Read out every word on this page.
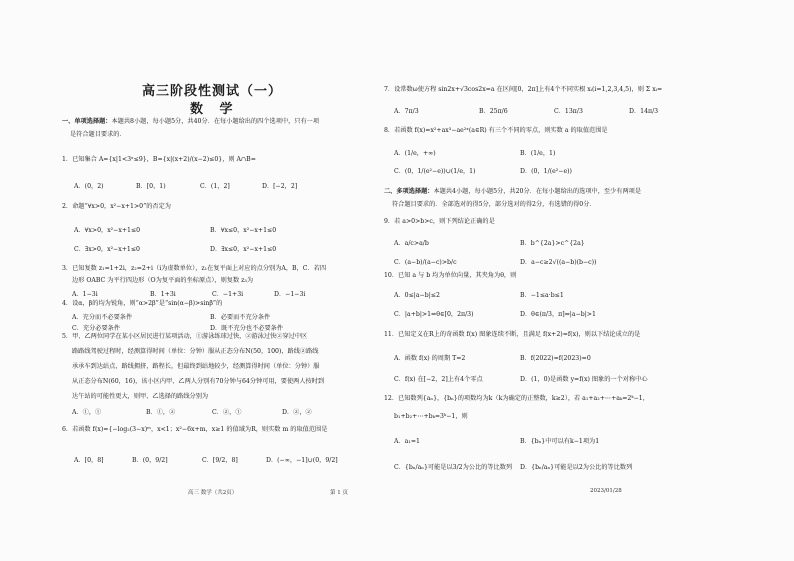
高三阶段性测试（一）
数 学
一、单项选择题：本题共8小题，每小题5分，共40分．在每小题给出的四个选项中，只有一项
是符合题目要求的．
1．已知集合 A={x|1<3ˣ≤9}，B={x|(x+2)/(x−2)≤0}，则 A∩B=
A．(0，2)	B．[0，1)	C．(1，2]	D．[−2，2]
2．命题“∀x>0，x²−x+1>0”的否定为
A．∀x>0，x²−x+1≤0	B．∀x≤0，x²−x+1≤0
C．∃x>0，x²−x+1≤0	D．∃x≤0，x²−x+1≤0
3．已知复数 z₁=1+2i，z₂=2+i（i为虚数单位），z₁在复平面上对应的点分别为A，B，C．若四
边形 OABC 为平行四边形（O为复平面的坐标原点），则复数 z₃为
A．1−3i	B．1+3i	C．−1+3i	D．−1−3i
4．设α，β的均为锐角，则“α>2β”是“sin(α−β)>sinβ”的
A．充分而不必要条件	B．必要而不充分条件
C．充分必要条件	D．既不充分也不必要条件
5．甲、乙两位同学在某小区居民进行某项活动，①游泳练球过快，②游泳过快②穿过中区
路路线驾驶过程时，经测算得时间（单位：分钟）服从正态分布N(50，100)，路线②路线
承承车到达站点，路线拥挤，路程长，但最终到站地较少，经测算得时间（单位：分钟）服
从正态分布N(60，16)，该小区内甲、乙两人分别有70分钟与64分钟可用，要使两人按时到
达午站的可能性更大，则甲、乙选择的路线分别为
A．①，①	B．①，②	C．②，①	D．②，②
6．若函数 f(x)={−log₂(3−x)ᵐ，x<1；x²−6x+m，x≥1 的值域为R，则实数 m 的取值范围是
A．[0，8]	B．(0，9/2]	C．[9/2，8]	D．(−∞，−1]∪(0，9/2]
7．设常数ω使方程 sin2x+√3cos2x=a 在区间[0，2π]上有4个不同实根 xᵢ(i=1,2,3,4,5)，则 Σ xᵢ=
A．7π/3	B．25π/6	C．13π/3	D．14π/3
8．若函数 f(x)=x²+ax³−ae²ˣ(a∈R) 有三个不同的零点，则实数 a 的取值范围是
A．(1/e，+∞)	B．(1/e，1)
C．(0，1/(e²−e))∪(1/e，1)	D．(0，1/(e²−e))
二、多项选择题：本题共4小题，每小题5分，共20分．在每小题给出的选项中，至少有两项是
符合题目要求的．全部选对的得5分，部分选对的得2分，有选错的得0分．
9．若 a>0>b>c，则下列结论正确的是
A．a/c>a/b	B．b^{2a}>c^{2a}
C．(a−b)/(a−c)>b/c	D．a−c≥2√((a−b)(b−c))
10．已知 a 与 b 均为单位向量，其夹角为θ，则
A．0≤|a−b|≤2	B．−1≤a·b≤1
C．|a+b|>1⇔θ∈[0，2π/3)	D．θ∈(π/3，π]⇔|a−b|>1
11．已知定义在R上的奇函数 f(x) 图象连续不断，且满足 f(x+2)=f(x)，则以下结论成立的是
A．函数 f(x) 的周期 T=2	B．f(2022)=f(2023)=0
C．f(x) 在[−2，2]上有4个零点	D．(1，0)是函数 y=f(x) 图象的一个对称中心
12．已知数列{aₙ}，{bₙ}的项数均为k（k为确定的正整数，k≥2），若 a₁+a₂+⋯+aₖ=2ᵏ−1，
b₁+b₂+⋯+bₖ=3ᵏ−1，则
A．a₁=1	B．{bₙ}中可以有k−1项为1
C．{bₙ/aₙ}可能是以3/2为公比的等比数列 D．{bₙ/aₙ}可能是以2为公比的等比数列
高三 数学（共2页）	第 1 页	2023/01/28
